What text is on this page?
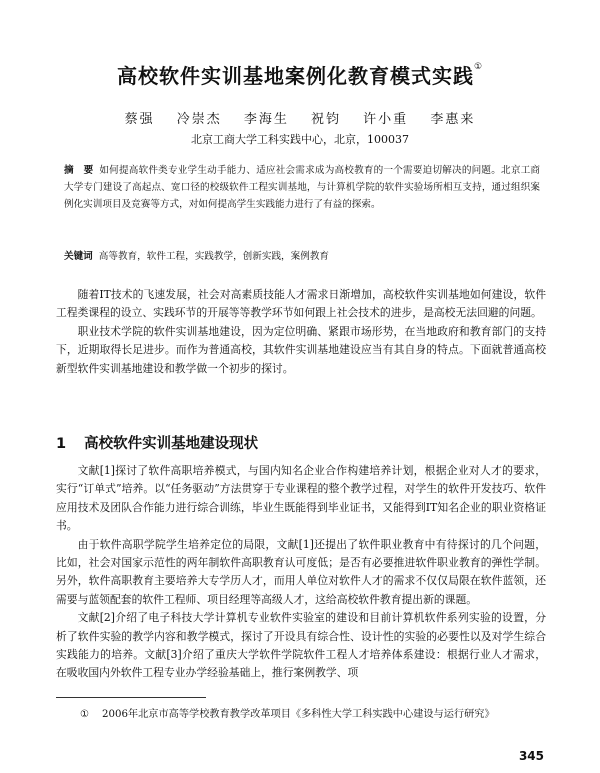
高校软件实训基地案例化教育模式实践①
蔡强 冷崇杰 李海生 祝钧 许小重 李惠来
北京工商大学工科实践中心，北京，100037
摘　要 如何提高软件类专业学生动手能力、适应社会需求成为高校教育的一个需要迫切解决的问题。北京工商大学专门建设了高起点、宽口径的校级软件工程实训基地，与计算机学院的软件实验场所相互支持，通过组织案例化实训项目及竞赛等方式，对如何提高学生实践能力进行了有益的探索。
关键词 高等教育，软件工程，实践教学，创新实践，案例教育

随着IT技术的飞速发展，社会对高素质技能人才需求日渐增加，高校软件实训基地如何建设，软件工程类课程的设立、实践环节的开展等等教学环节如何跟上社会技术的进步，是高校无法回避的问题。

职业技术学院的软件实训基地建设，因为定位明确、紧跟市场形势，在当地政府和教育部门的支持下，近期取得长足进步。而作为普通高校，其软件实训基地建设应当有其自身的特点。下面就普通高校新型软件实训基地建设和教学做一个初步的探讨。

1 高校软件实训基地建设现状

文献[1]探讨了软件高职培养模式，与国内知名企业合作构建培养计划，根据企业对人才的要求，实行“订单式”培养。以“任务驱动”方法贯穿于专业课程的整个教学过程，对学生的软件开发技巧、软件应用技术及团队合作能力进行综合训练，毕业生既能得到毕业证书，又能得到IT知名企业的职业资格证书。

由于软件高职学院学生培养定位的局限，文献[1]还提出了软件职业教育中有待探讨的几个问题，比如，社会对国家示范性的两年制软件高职教育认可度低；是否有必要推进软件职业教育的弹性学制。另外，软件高职教育主要培养大专学历人才，而用人单位对软件人才的需求不仅仅局限在软件蓝领，还需要与蓝领配套的软件工程师、项目经理等高级人才，这给高校软件教育提出新的课题。

文献[2]介绍了电子科技大学计算机专业软件实验室的建设和目前计算机软件系列实验的设置，分析了软件实验的教学内容和教学模式，探讨了开设具有综合性、设计性的实验的必要性以及对学生综合实践能力的培养。文献[3]介绍了重庆大学软件学院软件工程人才培养体系建设：根据行业人才需求，在吸收国内外软件工程专业办学经验基础上，推行案例教学、项

① 2006年北京市高等学校教育教学改革项目《多科性大学工科实践中心建设与运行研究》
345
